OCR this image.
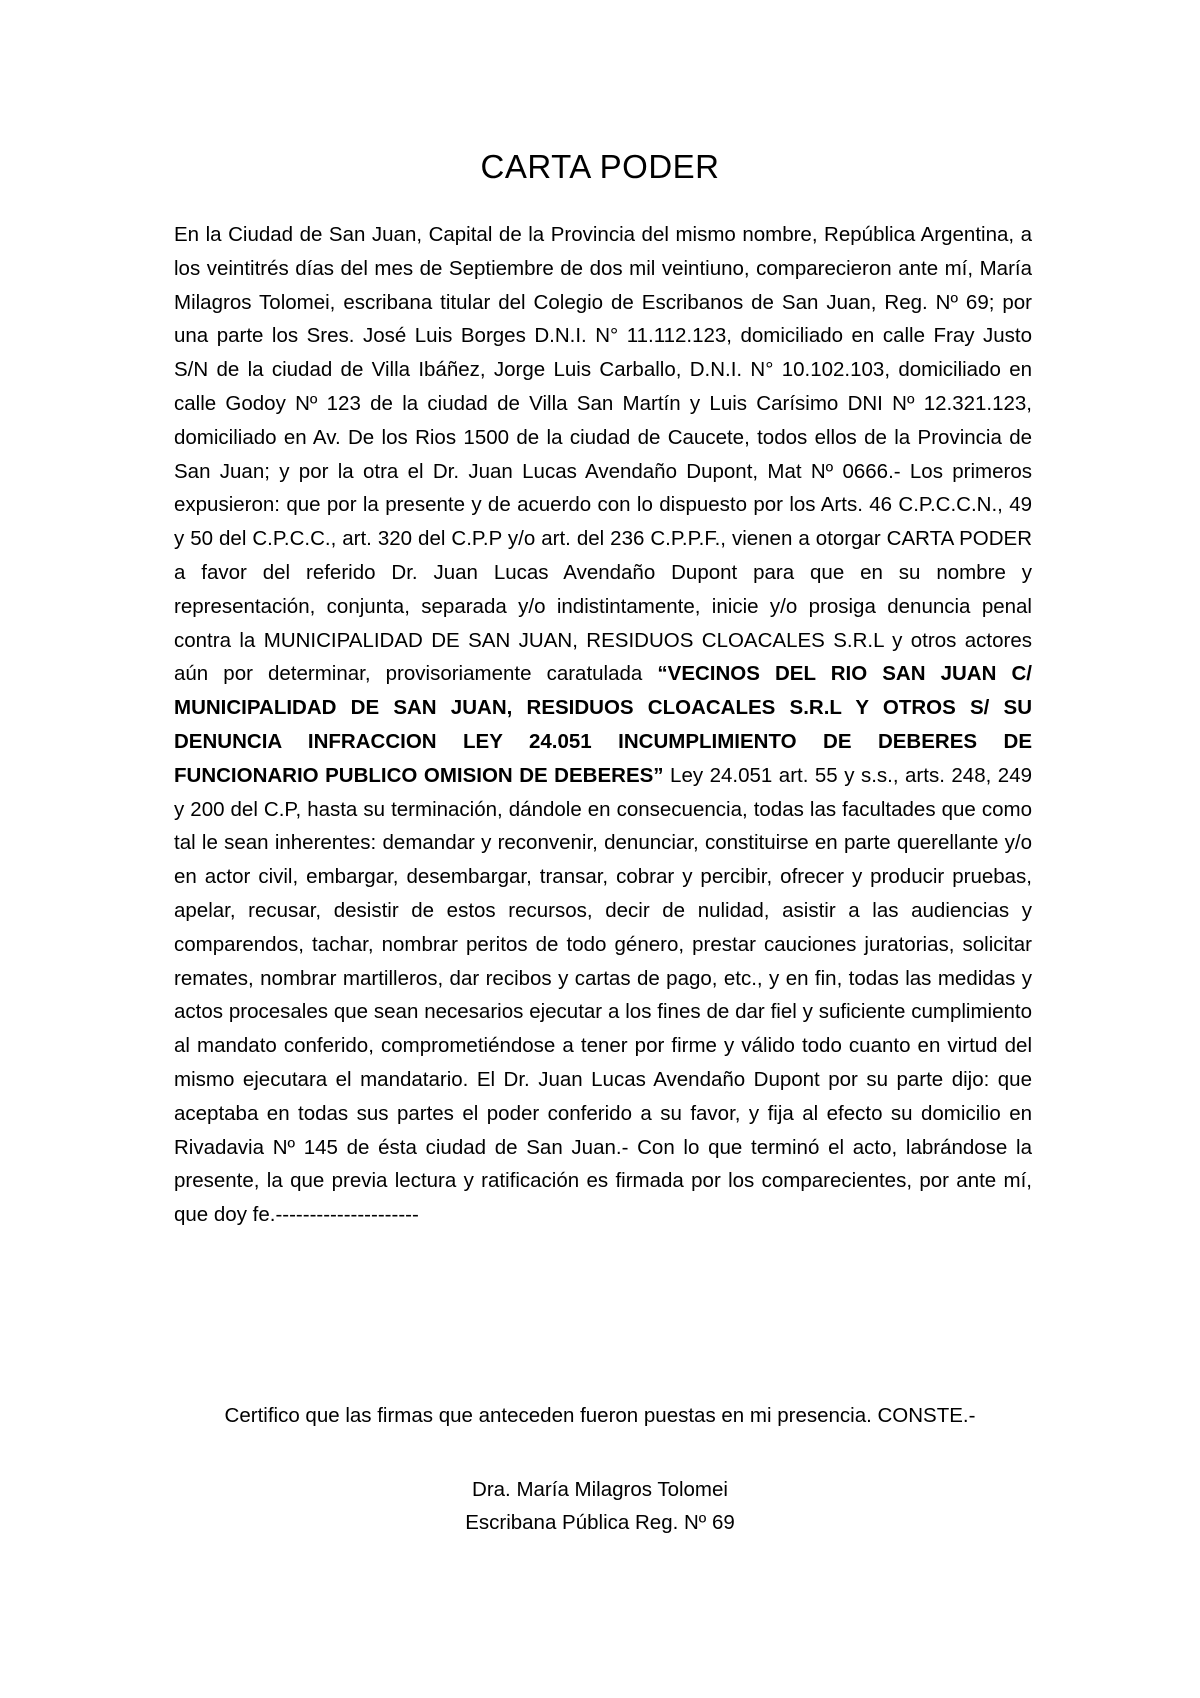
CARTA PODER

En la Ciudad de San Juan, Capital de la Provincia del mismo nombre, República Argentina, a los veintitrés días del mes de Septiembre de dos mil veintiuno, comparecieron ante mí, María Milagros Tolomei, escribana titular del Colegio de Escribanos de San Juan, Reg. Nº 69; por una parte los Sres. José Luis Borges D.N.I. N° 11.112.123, domiciliado en calle Fray Justo S/N de la ciudad de Villa Ibáñez, Jorge Luis Carballo, D.N.I. N° 10.102.103, domiciliado en calle Godoy Nº 123 de la ciudad de Villa San Martín y Luis Carísimo DNI Nº 12.321.123, domiciliado en Av. De los Rios 1500 de la ciudad de Caucete, todos ellos de la Provincia de San Juan; y por la otra el Dr. Juan Lucas Avendaño Dupont, Mat Nº 0666.- Los primeros expusieron: que por la presente y de acuerdo con lo dispuesto por los Arts. 46 C.P.C.C.N., 49 y 50 del C.P.C.C., art. 320 del C.P.P y/o art. del 236 C.P.P.F., vienen a otorgar CARTA PODER a favor del referido Dr. Juan Lucas Avendaño Dupont para que en su nombre y representación, conjunta, separada y/o indistintamente, inicie y/o prosiga denuncia penal contra la MUNICIPALIDAD DE SAN JUAN, RESIDUOS CLOACALES S.R.L y otros actores aún por determinar, provisoriamente caratulada “VECINOS DEL RIO SAN JUAN C/ MUNICIPALIDAD DE SAN JUAN, RESIDUOS CLOACALES S.R.L Y OTROS S/ SU DENUNCIA INFRACCION LEY 24.051 INCUMPLIMIENTO DE DEBERES DE FUNCIONARIO PUBLICO OMISION DE DEBERES” Ley 24.051 art. 55 y s.s., arts. 248, 249 y 200 del C.P, hasta su terminación, dándole en consecuencia, todas las facultades que como tal le sean inherentes: demandar y reconvenir, denunciar, constituirse en parte querellante y/o en actor civil, embargar, desembargar, transar, cobrar y percibir, ofrecer y producir pruebas, apelar, recusar, desistir de estos recursos, decir de nulidad, asistir a las audiencias y comparendos, tachar, nombrar peritos de todo género, prestar cauciones juratorias, solicitar remates, nombrar martilleros, dar recibos y cartas de pago, etc., y en fin, todas las medidas y actos procesales que sean necesarios ejecutar a los fines de dar fiel y suficiente cumplimiento al mandato conferido, comprometiéndose a tener por firme y válido todo cuanto en virtud del mismo ejecutara el mandatario. El Dr. Juan Lucas Avendaño Dupont por su parte dijo: que aceptaba en todas sus partes el poder conferido a su favor, y fija al efecto su domicilio en Rivadavia Nº 145 de ésta ciudad de San Juan.- Con lo que terminó el acto, labrándose la presente, la que previa lectura y ratificación es firmada por los comparecientes, por ante mí, que doy fe.---------------------

Certifico que las firmas que anteceden fueron puestas en mi presencia. CONSTE.-
Dra. María Milagros Tolomei
Escribana Pública Reg. Nº 69
